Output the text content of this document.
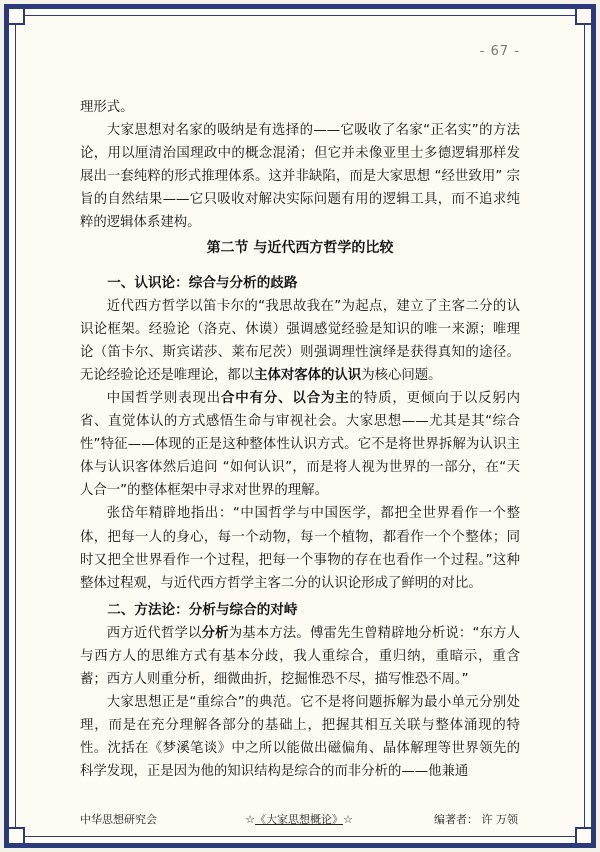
- 67 -

理形式。

大家思想对名家的吸纳是有选择的——它吸收了名家“正名实”的方法论，用以厘清治国理政中的概念混淆；但它并未像亚里士多德逻辑那样发展出一套纯粹的形式推理体系。这并非缺陷，而是大家思想 “经世致用” 宗旨的自然结果——它只吸收对解决实际问题有用的逻辑工具，而不追求纯粹的逻辑体系建构。

第二节 与近代西方哲学的比较
一、认识论：综合与分析的歧路

近代西方哲学以笛卡尔的“我思故我在”为起点，建立了主客二分的认识论框架。经验论（洛克、休谟）强调感觉经验是知识的唯一来源；唯理论（笛卡尔、斯宾诺莎、莱布尼茨）则强调理性演绎是获得真知的途径。无论经验论还是唯理论，都以主体对客体的认识为核心问题。

中国哲学则表现出合中有分、以合为主的特质，更倾向于以反躬内省、直觉体认的方式感悟生命与审视社会。大家思想——尤其是其“综合性”特征——体现的正是这种整体性认识方式。它不是将世界拆解为认识主体与认识客体然后追问 “如何认识”，而是将人视为世界的一部分，在“天人合一”的整体框架中寻求对世界的理解。

张岱年精辟地指出：“中国哲学与中国医学，都把全世界看作一个整体，把每一人的身心，每一个动物，每一个植物，都看作一个个整体；同时又把全世界看作一个过程，把每一个事物的存在也看作一个过程。”这种整体过程观，与近代西方哲学主客二分的认识论形成了鲜明的对比。

二、方法论：分析与综合的对峙

西方近代哲学以分析为基本方法。傅雷先生曾精辟地分析说：“东方人与西方人的思维方式有基本分歧，我人重综合，重归纳，重暗示，重含蓄；西方人则重分析，细微曲折，挖掘惟恐不尽，描写惟恐不周。”

大家思想正是“重综合”的典范。它不是将问题拆解为最小单元分别处理，而是在充分理解各部分的基础上，把握其相互关联与整体涌现的特性。沈括在《梦溪笔谈》中之所以能做出磁偏角、晶体解理等世界领先的科学发现，正是因为他的知识结构是综合的而非分析的——他兼通

中华思想研究会	☆《大家思想概论》☆	编著者： 许 万领
